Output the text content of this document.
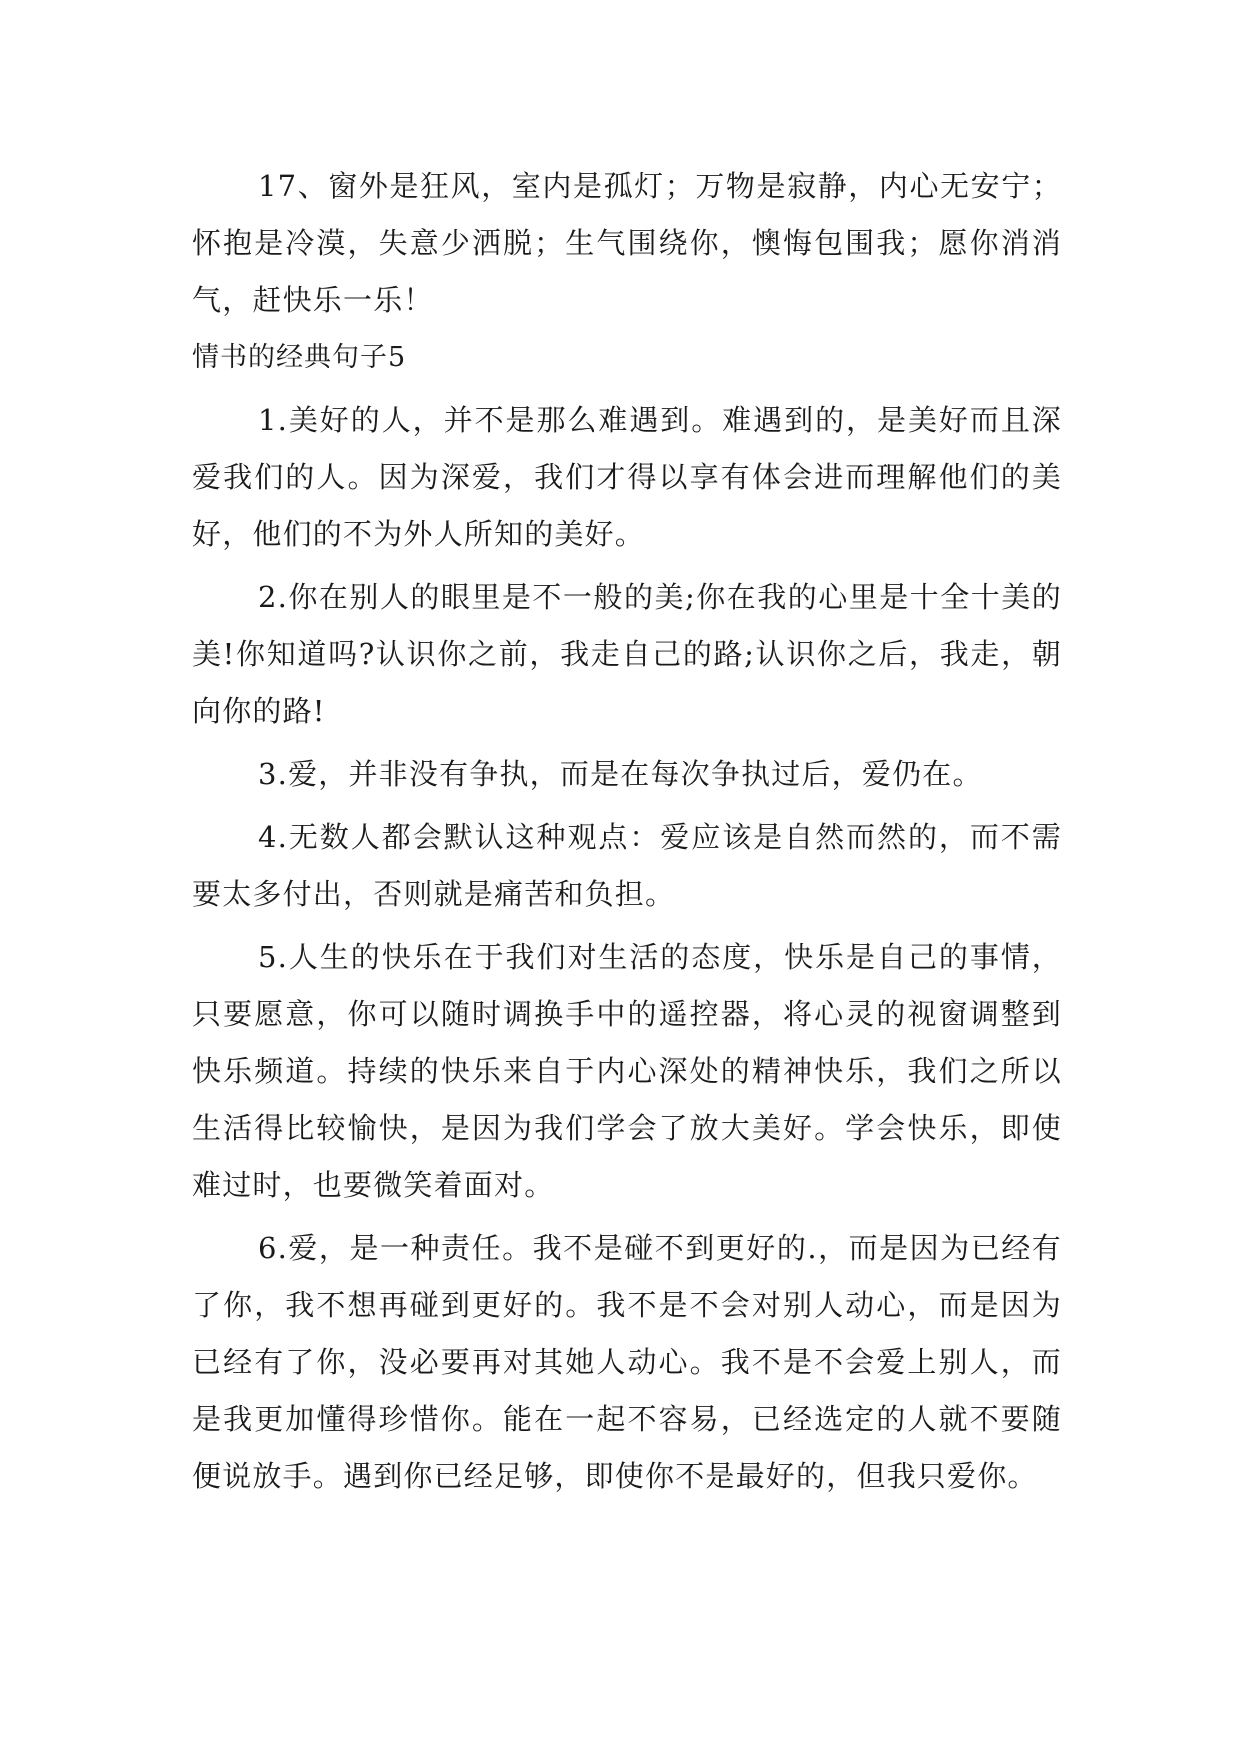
17、窗外是狂风，室内是孤灯；万物是寂静，内心无安宁；怀抱是冷漠，失意少洒脱；生气围绕你，懊悔包围我；愿你消消气，赶快乐一乐！

情书的经典句子5

1.美好的人，并不是那么难遇到。难遇到的，是美好而且深爱我们的人。因为深爱，我们才得以享有体会进而理解他们的美好，他们的不为外人所知的美好。

2.你在别人的眼里是不一般的美;你在我的心里是十全十美的美!你知道吗?认识你之前，我走自己的路;认识你之后，我走，朝向你的路!

3.爱，并非没有争执，而是在每次争执过后，爱仍在。

4.无数人都会默认这种观点：爱应该是自然而然的，而不需要太多付出，否则就是痛苦和负担。

5.人生的快乐在于我们对生活的态度，快乐是自己的事情，只要愿意，你可以随时调换手中的遥控器，将心灵的视窗调整到快乐频道。持续的快乐来自于内心深处的精神快乐，我们之所以生活得比较愉快，是因为我们学会了放大美好。学会快乐，即使难过时，也要微笑着面对。

6.爱，是一种责任。我不是碰不到更好的.，而是因为已经有了你，我不想再碰到更好的。我不是不会对别人动心，而是因为已经有了你，没必要再对其她人动心。我不是不会爱上别人，而是我更加懂得珍惜你。能在一起不容易，已经选定的人就不要随便说放手。遇到你已经足够，即使你不是最好的，但我只爱你。
